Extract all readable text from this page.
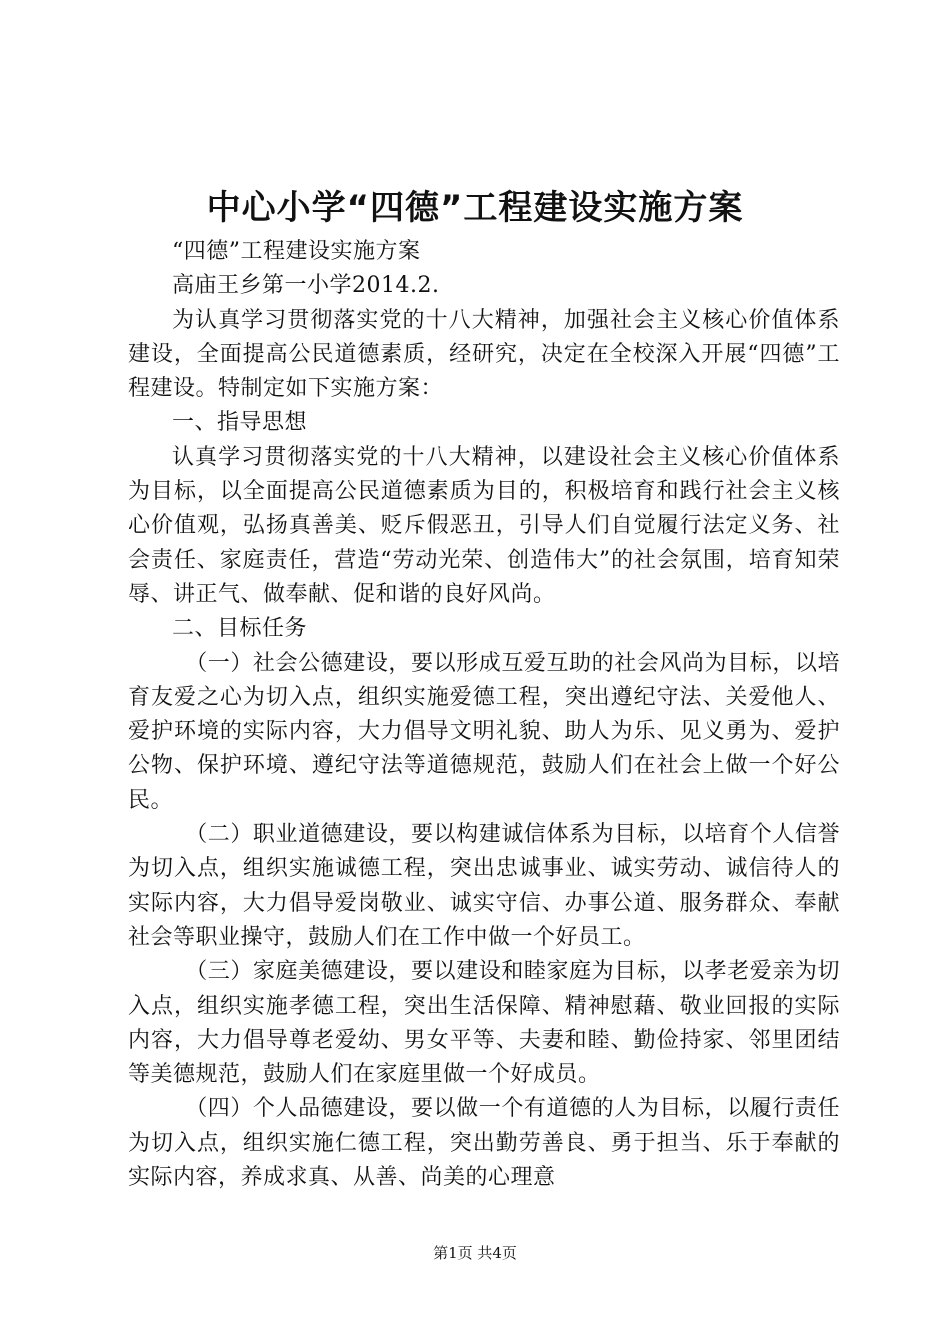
中心小学“四德”工程建设实施方案

“四德”工程建设实施方案

高庙王乡第一小学2014.2.

为认真学习贯彻落实党的十八大精神，加强社会主义核心价值体系建设，全面提高公民道德素质，经研究，决定在全校深入开展“四德”工程建设。特制定如下实施方案：

一、指导思想

认真学习贯彻落实党的十八大精神，以建设社会主义核心价值体系为目标，以全面提高公民道德素质为目的，积极培育和践行社会主义核心价值观，弘扬真善美、贬斥假恶丑，引导人们自觉履行法定义务、社会责任、家庭责任，营造“劳动光荣、创造伟大”的社会氛围，培育知荣辱、讲正气、做奉献、促和谐的良好风尚。

二、目标任务

（一）社会公德建设，要以形成互爱互助的社会风尚为目标，以培育友爱之心为切入点，组织实施爱德工程，突出遵纪守法、关爱他人、爱护环境的实际内容，大力倡导文明礼貌、助人为乐、见义勇为、爱护公物、保护环境、遵纪守法等道德规范，鼓励人们在社会上做一个好公民。

（二）职业道德建设，要以构建诚信体系为目标，以培育个人信誉为切入点，组织实施诚德工程，突出忠诚事业、诚实劳动、诚信待人的实际内容，大力倡导爱岗敬业、诚实守信、办事公道、服务群众、奉献社会等职业操守，鼓励人们在工作中做一个好员工。

（三）家庭美德建设，要以建设和睦家庭为目标，以孝老爱亲为切入点，组织实施孝德工程，突出生活保障、精神慰藉、敬业回报的实际内容，大力倡导尊老爱幼、男女平等、夫妻和睦、勤俭持家、邻里团结等美德规范，鼓励人们在家庭里做一个好成员。

（四）个人品德建设，要以做一个有道德的人为目标，以履行责任为切入点，组织实施仁德工程，突出勤劳善良、勇于担当、乐于奉献的实际内容，养成求真、从善、尚美的心理意

第1页 共4页
